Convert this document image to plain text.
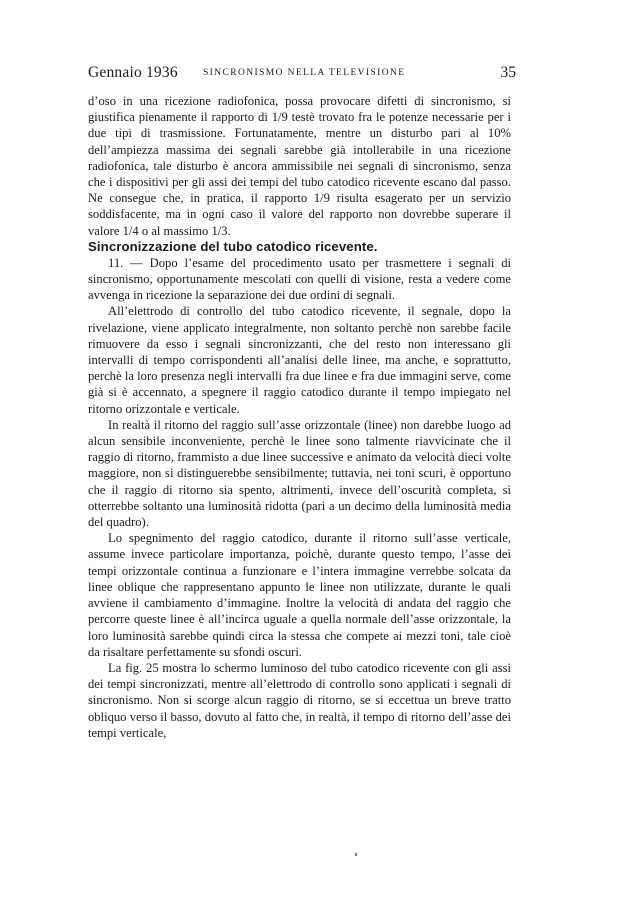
Gennaio 1936	SINCRONISMO NELLA TELEVISIONE	35

d’oso in una ricezione radiofonica, possa provocare difetti di sincronismo, si giustifica pienamente il rapporto di 1/9 testè trovato fra le potenze necessarie per i due tipi di trasmissione. Fortunatamente, mentre un disturbo pari al 10% dell’ampiezza massima dei segnali sarebbe già intollerabile in una ricezione radiofonica, tale disturbo è ancora ammissibile nei segnali di sincronismo, senza che i dispositivi per gli assi dei tempi del tubo catodico ricevente escano dal passo. Ne consegue che, in pratica, il rapporto 1/9 risulta esagerato per un servizio soddisfacente, ma in ogni caso il valore del rapporto non dovrebbe superare il valore 1/4 o al massimo 1/3.

Sincronizzazione del tubo catodico ricevente.

11. — Dopo l’esame del procedimento usato per trasmettere i segnali di sincronismo, opportunamente mescolati con quelli di visione, resta a vedere come avvenga in ricezione la separazione dei due ordini di segnali.

All’elettrodo di controllo del tubo catodico ricevente, il segnale, dopo la rivelazione, viene applicato integralmente, non soltanto perchè non sarebbe facile rimuovere da esso i segnali sincronizzanti, che del resto non interessano gli intervalli di tempo corrispondenti all’analisi delle linee, ma anche, e soprattutto, perchè la loro presenza negli intervalli fra due linee e fra due immagini serve, come già si è accennato, a spegnere il raggio catodico durante il tempo impiegato nel ritorno orizzontale e verticale.

In realtà il ritorno del raggio sull’asse orizzontale (linee) non darebbe luogo ad alcun sensibile inconveniente, perchè le linee sono talmente riavvicinate che il raggio di ritorno, frammisto a due linee successive e animato da velocità dieci volte maggiore, non si distinguerebbe sensibilmente; tuttavia, nei toni scuri, è opportuno che il raggio di ritorno sia spento, altrimenti, invece dell’oscurità completa, si otterrebbe soltanto una luminosità ridotta (pari a un decimo della luminosità media del quadro).

Lo spegnimento del raggio catodico, durante il ritorno sull’asse verticale, assume invece particolare importanza, poichè, durante questo tempo, l’asse dei tempi orizzontale continua a funzionare e l’intera immagine verrebbe solcata da linee oblique che rappresentano appunto le linee non utilizzate, durante le quali avviene il cambiamento d’immagine. Inoltre la velocità di andata del raggio che percorre queste linee è all’incirca uguale a quella normale dell’asse orizzontale, la loro luminosità sarebbe quindi circa la stessa che compete ai mezzi toni, tale cioè da risaltare perfettamente su sfondi oscuri.

La fig. 25 mostra lo schermo luminoso del tubo catodico ricevente con gli assi dei tempi sincronizzati, mentre all’elettrodo di controllo sono applicati i segnali di sincronismo. Non si scorge alcun raggio di ritorno, se si eccettua un breve tratto obliquo verso il basso, dovuto al fatto che, in realtà, il tempo di ritorno dell’asse dei tempi verticale,
